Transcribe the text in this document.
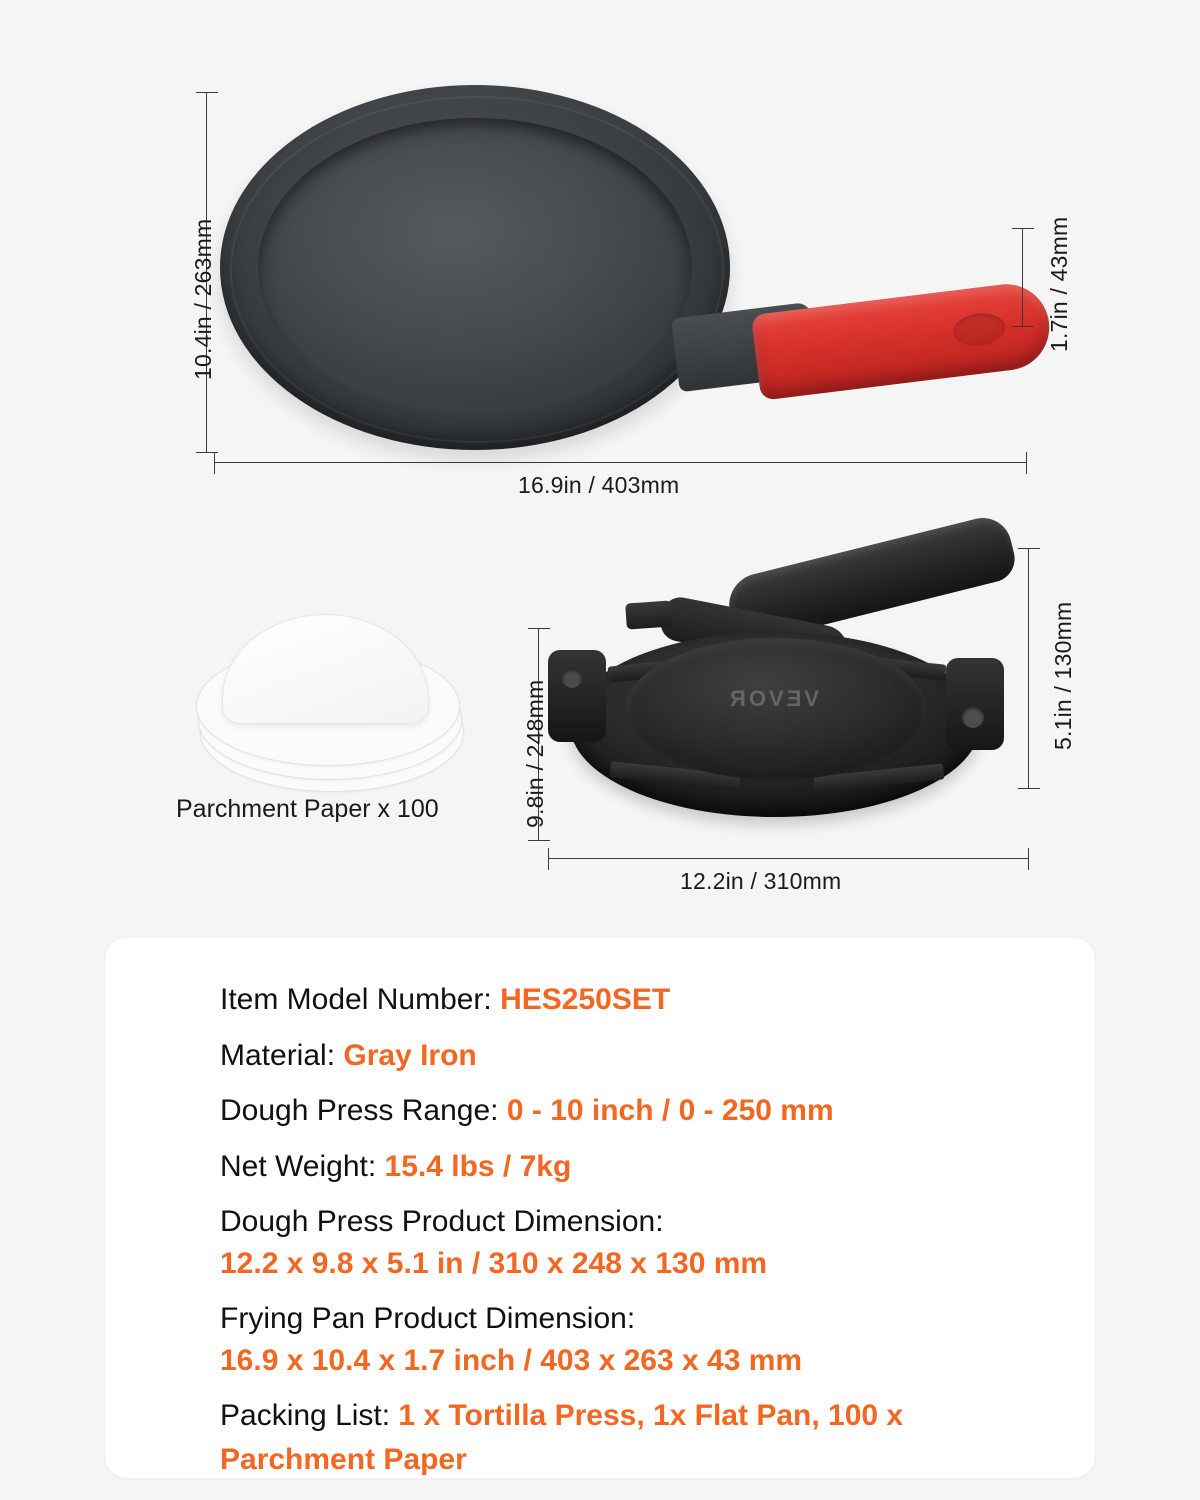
10.4in / 263mm	1.7in / 43mm
16.9in / 403mm
Parchment Paper x 100
VEVOR
9.8in / 248mm
5.1in / 130mm
12.2in / 310mm
Item Model Number: HES250SET
Material: Gray Iron
Dough Press Range: 0 - 10 inch / 0 - 250 mm
Net Weight: 15.4 lbs / 7kg
Dough Press Product Dimension:
12.2 x 9.8 x 5.1 in / 310 x 248 x 130 mm
Frying Pan Product Dimension:
16.9 x 10.4 x 1.7 inch / 403 x 263 x 43 mm
Packing List: 1 x Tortilla Press, 1x Flat Pan, 100 x Parchment Paper
